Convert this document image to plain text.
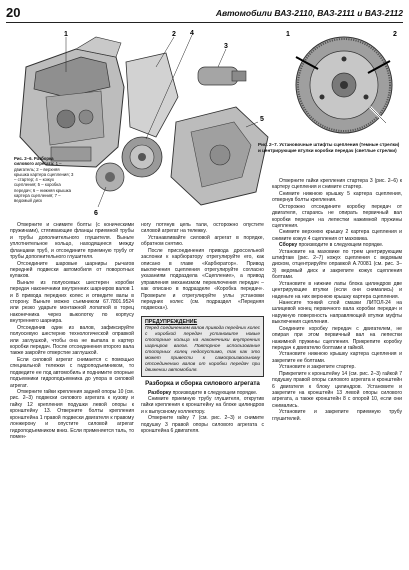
20	Автомобили ВАЗ-2110, ВАЗ-2111 и ВАЗ-2112
1	2
3
4
5
6
1	2
Рис. 2–6. Разборка силового агрегата: 1 – двигатель; 2 – верхняя крышка картера сцепления; 3 – стартер; 4 – кожух сцепления; 5 – коробка передач; 6 – нижняя крышка картера сцепления; 7 – ведомый диск
Рис. 2–7. Установочные штифты сцепления (темные стрелки) и центрирующие втулки коробки передач (светлые стрелки)

Отверните и снимите болты (с коническими пружинами), стягивающие фланцы приемной трубы и трубы дополнительного глушителя. Выньте уплотнительное кольцо, находящееся между фланцами труб, и отсоедините приемную трубу от трубы дополнительного глушителя.

Отсоедините шаровые шарниры рычагов передней подвески автомобиля от поворотных кулаков.

Выньте из полуосевых шестерен коробки передач наконечники внутренних шарниров валов 1 и 8 привода передних колес и отведите валы в сторону. Выньте можно съемником 67.7801.9524 или резко ударьте монтажной лопаткой в торец наконечника через выколотку по корпусу внутреннего шарнира.

Отсоединив один из валов, зафиксируйте полуосевую шестерню технологической оправкой или заглушкой, чтобы она не выпала в картер коробки передач. После отсоединения второго вала также закройте отверстие заглушкой.

Если силовой агрегат снимается с помощью специальной тележки с гидроподъемником, то подведите ее под автомобиль и поднимите опорные подъемники гидроподъемника до упора в силовой агрегат.

Отверните гайки крепления задней опоры 10 (см. рис. 2–3) подвески силового агрегата к кузову и гайку 12 крепления подушки левой опоры к кронштейну 13. Отверните болты крепления кронштейна 1 правой подвески двигателя к правому лонжерону и опустите силовой агрегат гидроподъемником вниз. Если применяется таль, то помен-

ногу потянув цепь тали, осторожно опустите силовой агрегат на тележку.

Устанавливайте силовой агрегат в порядке, обратном снятию.

После присоединения привода дроссельной заслонки к карбюратору отрегулируйте его, как описано в главе «Карбюратор». Привод выключения сцепления отрегулируйте согласно указаниям подраздела «Сцепление», а привод управления механизмом переключения передач – как описано в подразделе «Коробка передач». Проверьте и отрегулируйте углы установки передних колес (см. подраздел «Передняя подвеска»).

ПРЕДУПРЕЖДЕНИЕ
Перед соединением валов привода передних колес с коробкой передач установите новые стопорные кольца на наконечники внутренних шарниров валов. Повторное использование стопорных колец недопустимо, так как это может привести к самопроизвольному отсоединению валов от коробки передач при движении автомобиля.
Разборка и сборка силового агрегата

Разборку производите в следующем порядке.

Снимите приемную трубу глушителя, открутив гайки крепления к кронштейну на блоке цилиндров и к выпускному коллектору.

Отверните гайку 7 (см. рис. 2–3) и снимите подушку 3 правой опоры силового агрегата с кронштейна 6 двигателя.

Отверните гайки крепления стартера 3 (рис. 2–6) к картеру сцепления и снимите стартер.

Снимите нижнюю крышку 5 картера сцепления, отвернув болты крепления.

Осторожно отсоедините коробку передач от двигателя, стараясь не опирать первичный вал коробки передач на лепестки нажимной пружины сцепления.

Снимите верхнюю крышку 2 картера сцепления и снимите кожух 4 сцепления от маховика.

Сборку производите в следующем порядке.

Установите на маховике по трем центрирующим штифтам (рис. 2–7) кожух сцепления с ведомым диском, отцентрируйте оправкой А.70081 (см. рис. 3–3) ведомый диск и закрепите кожух сцепления болтами.

Установите в нижние лапы блока цилиндров две центрирующие втулки (если они снимались) и наденьте на них верхнюю крышку картера сцепления.

Нанесите тонкий слой смазки ЛИТОЛ-24 на шлицевой конец первичного вала коробки передач и наружную поверхность направляющей втулки муфты выключения сцепления.

Соедините коробку передач с двигателем, не опирая при этом первичный вал на лепестки нажимной пружины сцепления. Прикрепите коробку передач к двигателю болтами и гайкой.

Установите нижнюю крышку картера сцепления и закрепите ее болтами.

Установите и закрепите стартер.

Прикрепите к кронштейну 14 (см. рис. 2–3) гайкой 7 подушку правой опоры силового агрегата и кронштейн 6 двигателя к блоку цилиндров. Установите и закрепите на кронштейн 13 левой опоры силового агрегата, а также кронштейн 8 с опорой 10, если они снимались.

Установите и закрепите приемную трубу глушителей.
